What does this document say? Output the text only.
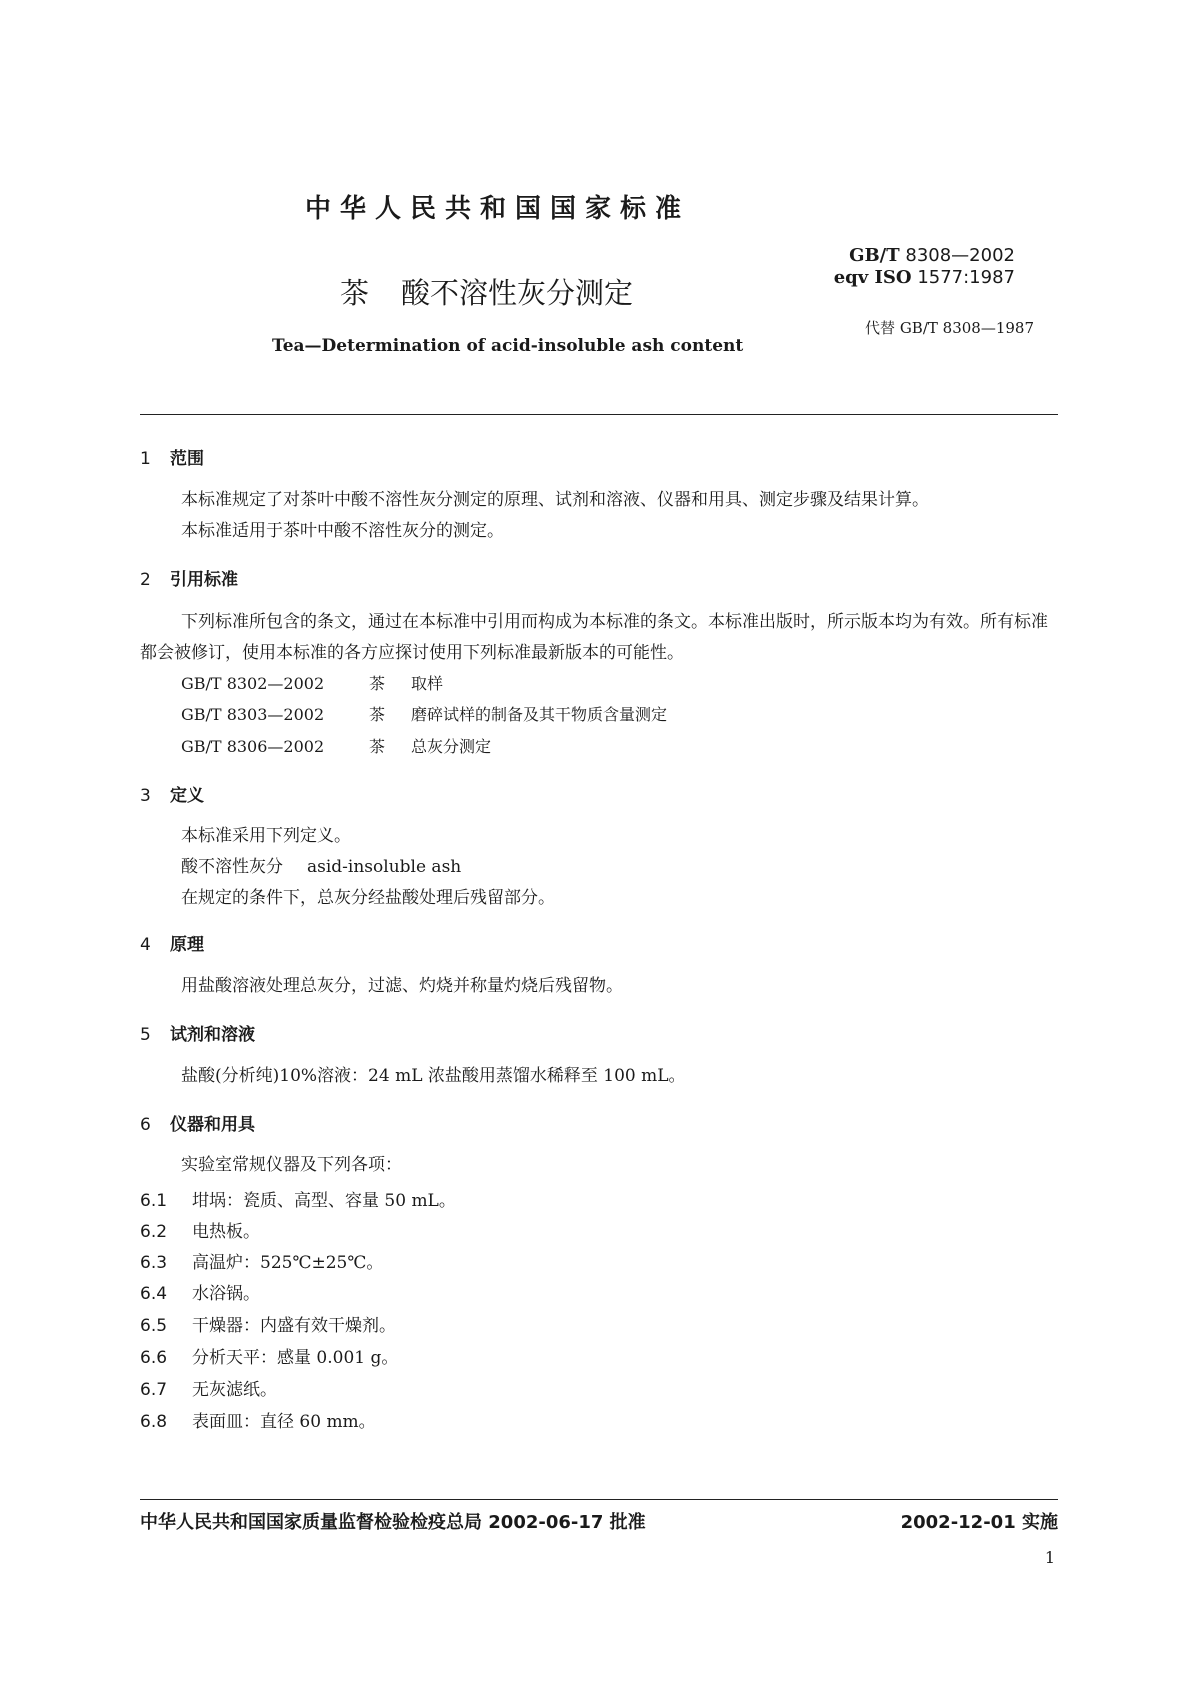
中华人民共和国国家标准
茶 酸不溶性灰分测定
Tea—Determination of acid-insoluble ash content
GB/T 8308—2002
eqv ISO 1577:1987
代替 GB/T 8308—1987
1 范围
本标准规定了对茶叶中酸不溶性灰分测定的原理、试剂和溶液、仪器和用具、测定步骤及结果计算。
本标准适用于茶叶中酸不溶性灰分的测定。
2 引用标准
下列标准所包含的条文，通过在本标准中引用而构成为本标准的条文。本标准出版时，所示版本均为有效。所有标准都会被修订，使用本标准的各方应探讨使用下列标准最新版本的可能性。
GB/T 8302—2002	茶 取样
GB/T 8303—2002	茶 磨碎试样的制备及其干物质含量测定
GB/T 8306—2002	茶 总灰分测定
3 定义
本标准采用下列定义。
酸不溶性灰分 asid-insoluble ash
在规定的条件下，总灰分经盐酸处理后残留部分。
4 原理
用盐酸溶液处理总灰分，过滤、灼烧并称量灼烧后残留物。
5 试剂和溶液
盐酸(分析纯)10%溶液：24 mL 浓盐酸用蒸馏水稀释至 100 mL。
6 仪器和用具
实验室常规仪器及下列各项：
6.1 坩埚：瓷质、高型、容量 50 mL。
6.2 电热板。
6.3 高温炉：525℃±25℃。
6.4 水浴锅。
6.5 干燥器：内盛有效干燥剂。
6.6 分析天平：感量 0.001 g。
6.7 无灰滤纸。
6.8 表面皿：直径 60 mm。
中华人民共和国国家质量监督检验检疫总局 2002-06-17 批准	2002-12-01 实施
1
